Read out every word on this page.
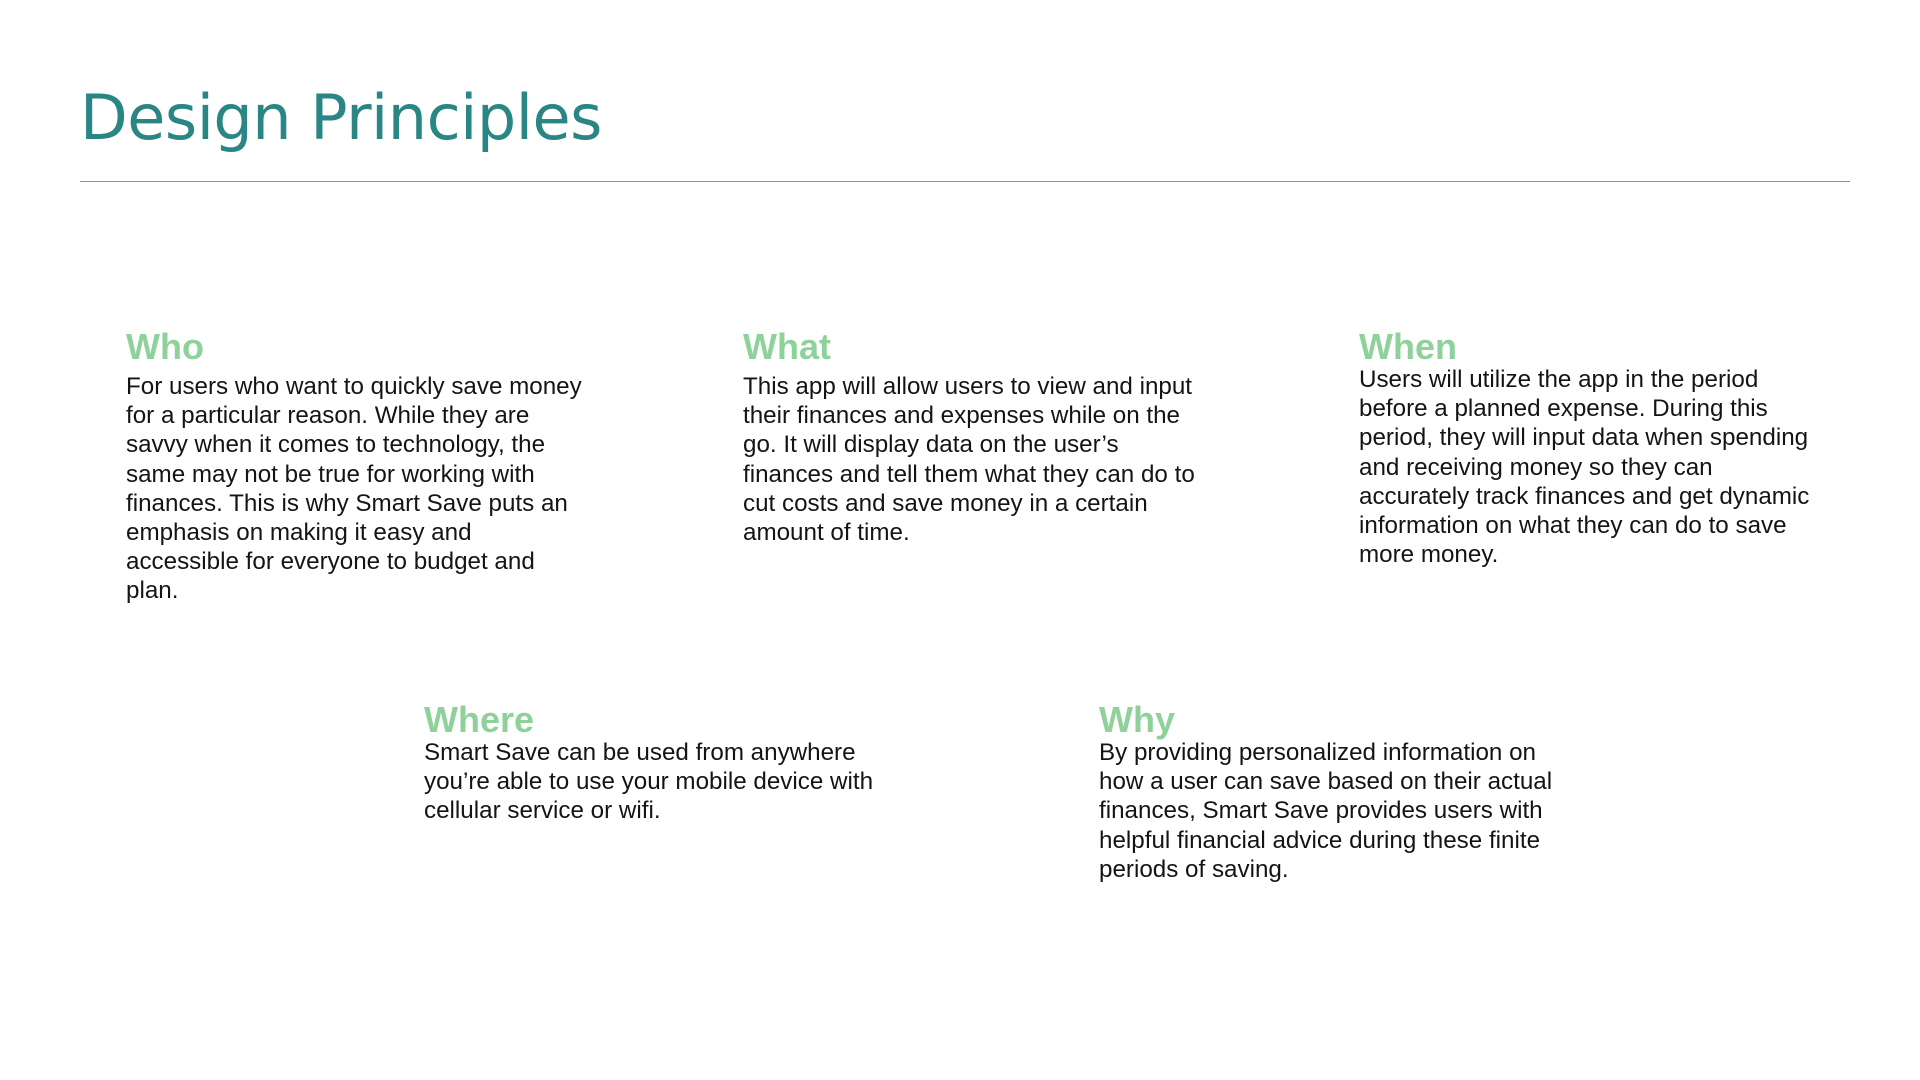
Design Principles
Who

For users who want to quickly save money for a particular reason. While they are savvy when it comes to technology, the same may not be true for working with finances. This is why Smart Save puts an emphasis on making it easy and accessible for everyone to budget and plan.

What

This app will allow users to view and input their finances and expenses while on the go. It will display data on the user’s finances and tell them what they can do to cut costs and save money in a certain amount of time.

When

Users will utilize the app in the period before a planned expense. During this period, they will input data when spending and receiving money so they can accurately track finances and get dynamic information on what they can do to save more money.

Where

Smart Save can be used from anywhere you’re able to use your mobile device with cellular service or wifi.

Why

By providing personalized information on how a user can save based on their actual finances, Smart Save provides users with helpful financial advice during these finite periods of saving.
